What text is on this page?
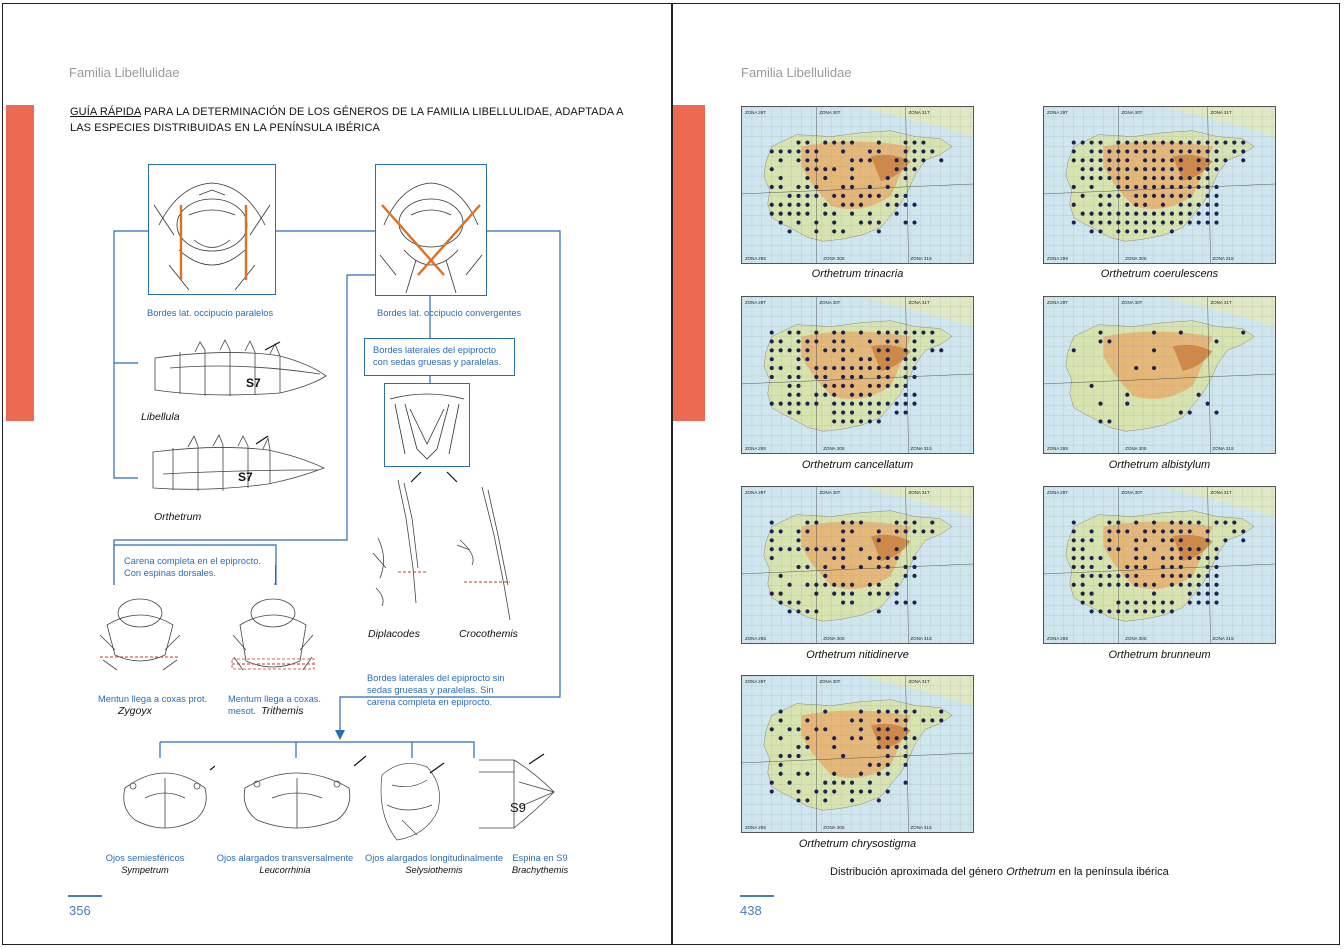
Familia Libellulidae
GUÍA RÁPIDA PARA LA DETERMINACIÓN DE LOS GÉNEROS DE LA FAMILIA LIBELLULIDAE, ADAPTADA A LAS ESPECIES DISTRIBUIDAS EN LA PENÍNSULA IBÉRICA
Bordes lat. occipucio paralelos	Bordes lat. occipucio convergentes
S7
Libellula
S7
Orthetrum
Bordes laterales del epiprocto
con sedas gruesas y paralelas.
Diplacodes	Crocothemis
Carena completa en el epiprocto.
Con espinas dorsales.
Mentun llega a coxas prot.
Zygoyx
Mentum llega a coxas.
mesot. Trithemis
Bordes laterales del epiprocto sin
sedas gruesas y paralelas. Sin
carena completa en epiprocto.
S9
Ojos semiesféricos
Sympetrum
Ojos alargados transversalmente
Leucorrhinia
Ojos alargados longitudinalmente
Selysiothemis
Espina en S9
Brachythemis
356
Familia Libellulidae
ZONA 29T	ZONA 30T	ZONA 31T
ZONA 29S	ZONA 30S	ZONA 31S
Orthetrum trinacria
ZONA 29T	ZONA 30T	ZONA 31T
ZONA 29S	ZONA 30S	ZONA 31S
Orthetrum coerulescens
ZONA 29T	ZONA 30T	ZONA 31T
ZONA 29S	ZONA 30S	ZONA 31S
Orthetrum cancellatum
ZONA 29T	ZONA 30T	ZONA 31T
ZONA 29S	ZONA 30S	ZONA 31S
Orthetrum albistylum
ZONA 29T	ZONA 30T	ZONA 31T
ZONA 29S	ZONA 30S	ZONA 31S
Orthetrum nitidinerve
ZONA 29T	ZONA 30T	ZONA 31T
ZONA 29S	ZONA 30S	ZONA 31S
Orthetrum brunneum
ZONA 29T	ZONA 30T	ZONA 31T
ZONA 29S	ZONA 30S	ZONA 31S
Orthetrum chrysostigma
438
Distribución aproximada del género Orthetrum en la península ibérica
